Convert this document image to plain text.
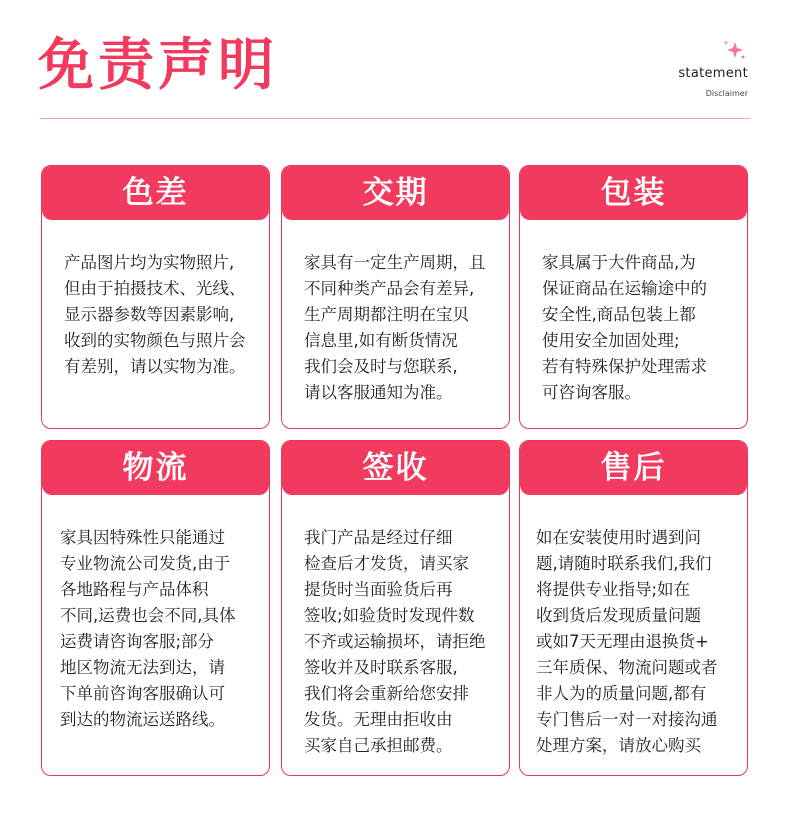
免责声明	statement
Disclaimer
色差
产品图片均为实物照片,
但由于拍摄技术、光线、
显示器参数等因素影响,
收到的实物颜色与照片会
有差别，请以实物为准。
交期
家具有一定生产周期，且
不同种类产品会有差异,
生产周期都注明在宝贝
信息里,如有断货情况
我们会及时与您联系,
请以客服通知为准。
包装
家具属于大件商品,为
保证商品在运输途中的
安全性,商品包装上都
使用安全加固处理;
若有特殊保护处理需求
可咨询客服。
物流
家具因特殊性只能通过
专业物流公司发货,由于
各地路程与产品体积
不同,运费也会不同,具体
运费请咨询客服;部分
地区物流无法到达，请
下单前咨询客服确认可
到达的物流运送路线。
签收
我门产品是经过仔细
检查后才发货，请买家
提货时当面验货后再
签收;如验货时发现件数
不齐或运输损坏，请拒绝
签收并及时联系客服,
我们将会重新给您安排
发货。无理由拒收由
买家自己承担邮费。
售后
如在安装使用时遇到问
题,请随时联系我们,我们
将提供专业指导;如在
收到货后发现质量问题
或如7天无理由退换货+
三年质保、物流问题或者
非人为的质量问题,都有
专门售后一对一对接沟通
处理方案，请放心购买
